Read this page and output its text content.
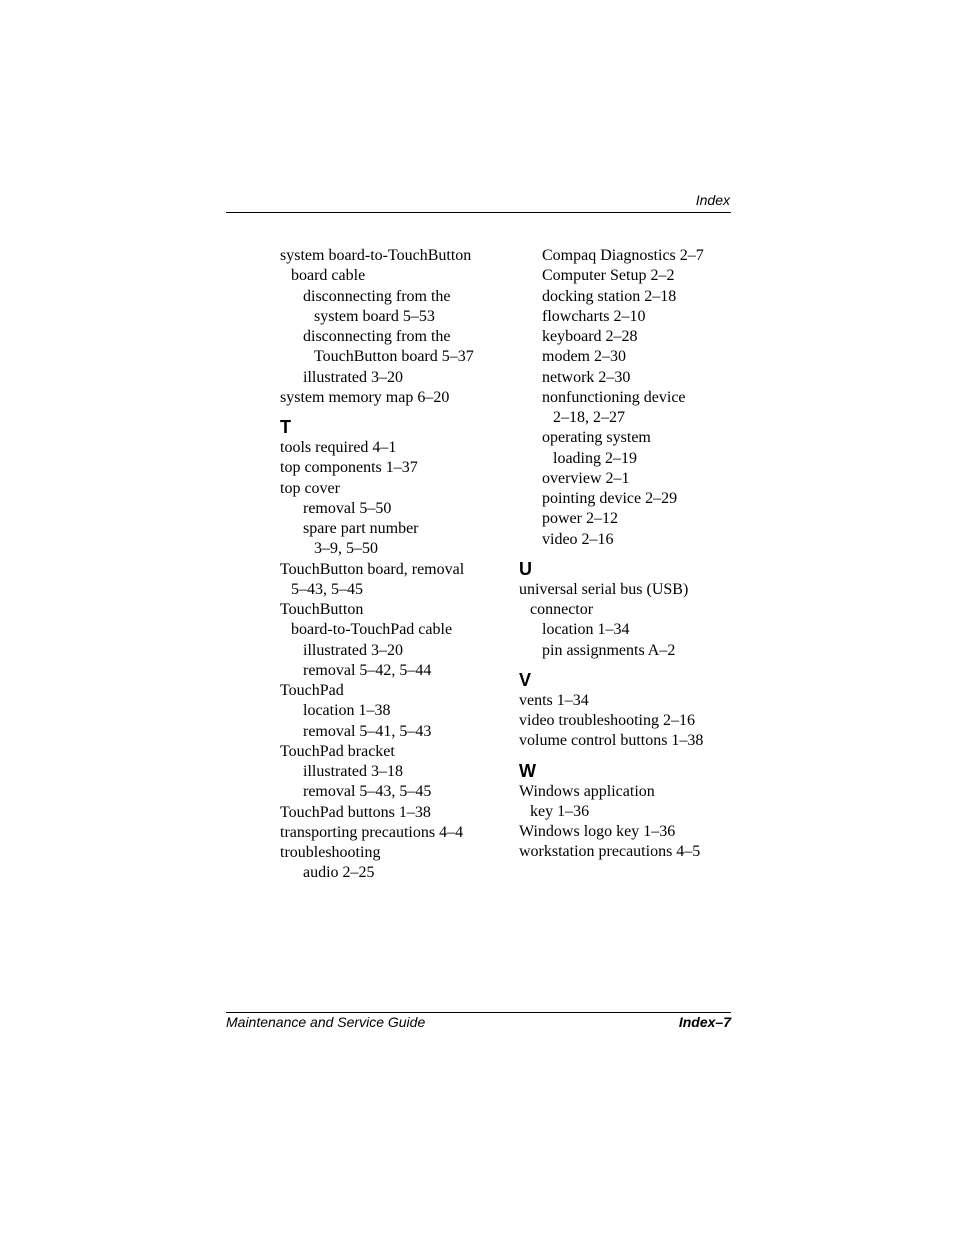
Index
system board-to-TouchButton
board cable
disconnecting from the
system board 5–53
disconnecting from the
TouchButton board 5–37
illustrated 3–20
system memory map 6–20
T
tools required 4–1
top components 1–37
top cover
removal 5–50
spare part number
3–9, 5–50
TouchButton board, removal
5–43, 5–45
TouchButton
board-to-TouchPad cable
illustrated 3–20
removal 5–42, 5–44
TouchPad
location 1–38
removal 5–41, 5–43
TouchPad bracket
illustrated 3–18
removal 5–43, 5–45
TouchPad buttons 1–38
transporting precautions 4–4
troubleshooting
audio 2–25
Compaq Diagnostics 2–7
Computer Setup 2–2
docking station 2–18
flowcharts 2–10
keyboard 2–28
modem 2–30
network 2–30
nonfunctioning device
2–18, 2–27
operating system
loading 2–19
overview 2–1
pointing device 2–29
power 2–12
video 2–16
U
universal serial bus (USB)
connector
location 1–34
pin assignments A–2
V
vents 1–34
video troubleshooting 2–16
volume control buttons 1–38
W
Windows application
key 1–36
Windows logo key 1–36
workstation precautions 4–5
Maintenance and Service Guide	Index–7
